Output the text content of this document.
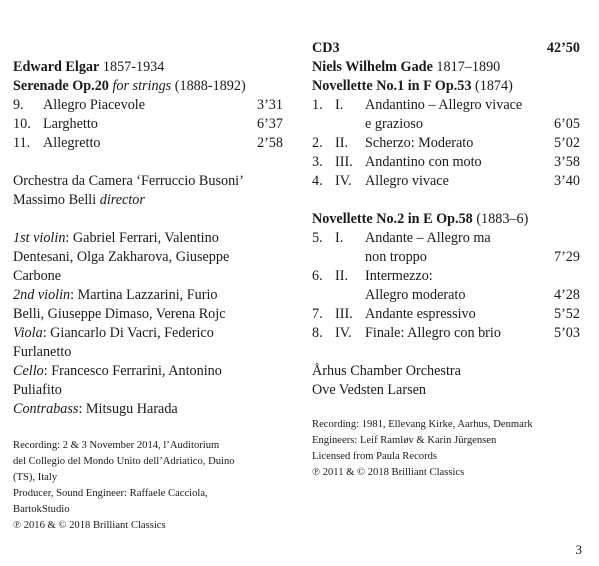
Edward Elgar 1857-1934
Serenade Op.20 for strings (1888-1892)
9. Allegro Piacevole	3’31
10. Larghetto	6’37
11. Allegretto	2’58
Orchestra da Camera ‘Ferruccio Busoni’
Massimo Belli director
1st violin: Gabriel Ferrari, Valentino
Dentesani, Olga Zakharova, Giuseppe
Carbone
2nd violin: Martina Lazzarini, Furio
Belli, Giuseppe Dimaso, Verena Rojc
Viola: Giancarlo Di Vacri, Federico
Furlanetto
Cello: Francesco Ferrarini, Antonino
Puliafito
Contrabass: Mitsugu Harada
Recording: 2 & 3 November 2014, l’Auditorium
del Collegio del Mondo Unito dell’Adriatico, Duino
(TS), Italy
Producer, Sound Engineer: Raffaele Cacciola,
BartokStudio
℗ 2016 & © 2018 Brilliant Classics
CD3	42’50
Niels Wilhelm Gade 1817–1890
Novellette No.1 in F Op.53 (1874)
1. I. Andantino – Allegro vivace
e grazioso	6’05
2. II. Scherzo: Moderato	5’02
3. III. Andantino con moto	3’58
4. IV. Allegro vivace	3’40
Novellette No.2 in E Op.58 (1883–6)
5. I. Andante – Allegro ma
non troppo	7’29
6. II. Intermezzo:
Allegro moderato	4’28
7. III. Andante espressivo	5’52
8. IV. Finale: Allegro con brio	5’03
Århus Chamber Orchestra
Ove Vedsten Larsen
Recording: 1981, Ellevang Kirke, Aarhus, Denmark
Engineers: Leif Ramløv & Karin Jürgensen
Licensed from Paula Records
℗ 2011 & © 2018 Brilliant Classics
3
